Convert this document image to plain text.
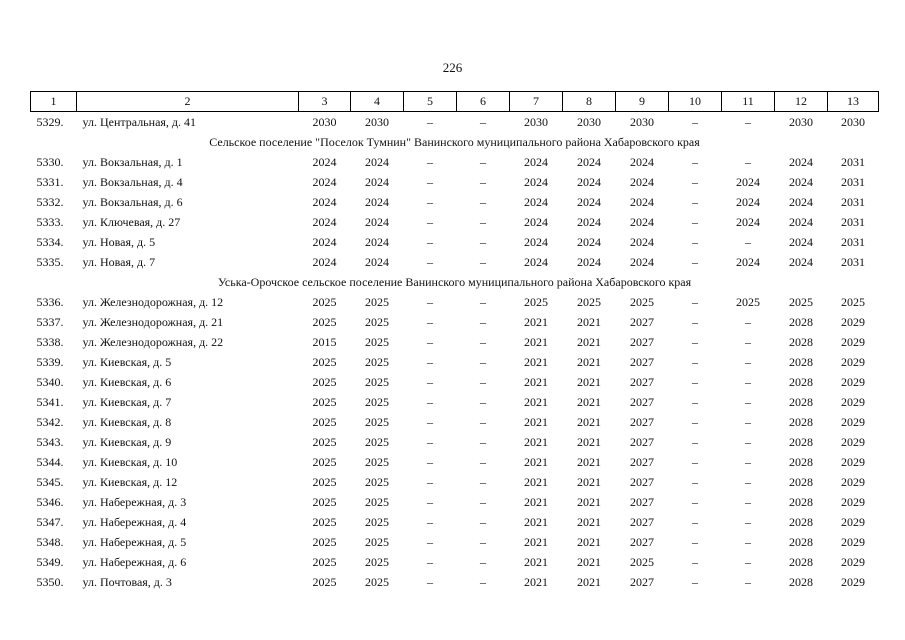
226
1	2	3	4	5	6	7	8	9	10	11	12	13
5329.	ул. Центральная, д. 41	2030	2030	–	–	2030	2030	2030	–	–	2030	2030
Сельское поселение "Поселок Тумнин" Ванинского муниципального района Хабаровского края												
5330.	ул. Вокзальная, д. 1	2024	2024	–	–	2024	2024	2024	–	–	2024	2031
5331.	ул. Вокзальная, д. 4	2024	2024	–	–	2024	2024	2024	–	2024	2024	2031
5332.	ул. Вокзальная, д. 6	2024	2024	–	–	2024	2024	2024	–	2024	2024	2031
5333.	ул. Ключевая, д. 27	2024	2024	–	–	2024	2024	2024	–	2024	2024	2031
5334.	ул. Новая, д. 5	2024	2024	–	–	2024	2024	2024	–	–	2024	2031
5335.	ул. Новая, д. 7	2024	2024	–	–	2024	2024	2024	–	2024	2024	2031
Уська-Орочское сельское поселение Ванинского муниципального района Хабаровского края												
5336.	ул. Железнодорожная, д. 12	2025	2025	–	–	2025	2025	2025	–	2025	2025	2025
5337.	ул. Железнодорожная, д. 21	2025	2025	–	–	2021	2021	2027	–	–	2028	2029
5338.	ул. Железнодорожная, д. 22	2015	2025	–	–	2021	2021	2027	–	–	2028	2029
5339.	ул. Киевская, д. 5	2025	2025	–	–	2021	2021	2027	–	–	2028	2029
5340.	ул. Киевская, д. 6	2025	2025	–	–	2021	2021	2027	–	–	2028	2029
5341.	ул. Киевская, д. 7	2025	2025	–	–	2021	2021	2027	–	–	2028	2029
5342.	ул. Киевская, д. 8	2025	2025	–	–	2021	2021	2027	–	–	2028	2029
5343.	ул. Киевская, д. 9	2025	2025	–	–	2021	2021	2027	–	–	2028	2029
5344.	ул. Киевская, д. 10	2025	2025	–	–	2021	2021	2027	–	–	2028	2029
5345.	ул. Киевская, д. 12	2025	2025	–	–	2021	2021	2027	–	–	2028	2029
5346.	ул. Набережная, д. 3	2025	2025	–	–	2021	2021	2027	–	–	2028	2029
5347.	ул. Набережная, д. 4	2025	2025	–	–	2021	2021	2027	–	–	2028	2029
5348.	ул. Набережная, д. 5	2025	2025	–	–	2021	2021	2027	–	–	2028	2029
5349.	ул. Набережная, д. 6	2025	2025	–	–	2021	2021	2025	–	–	2028	2029
5350.	ул. Почтовая, д. 3	2025	2025	–	–	2021	2021	2027	–	–	2028	2029
